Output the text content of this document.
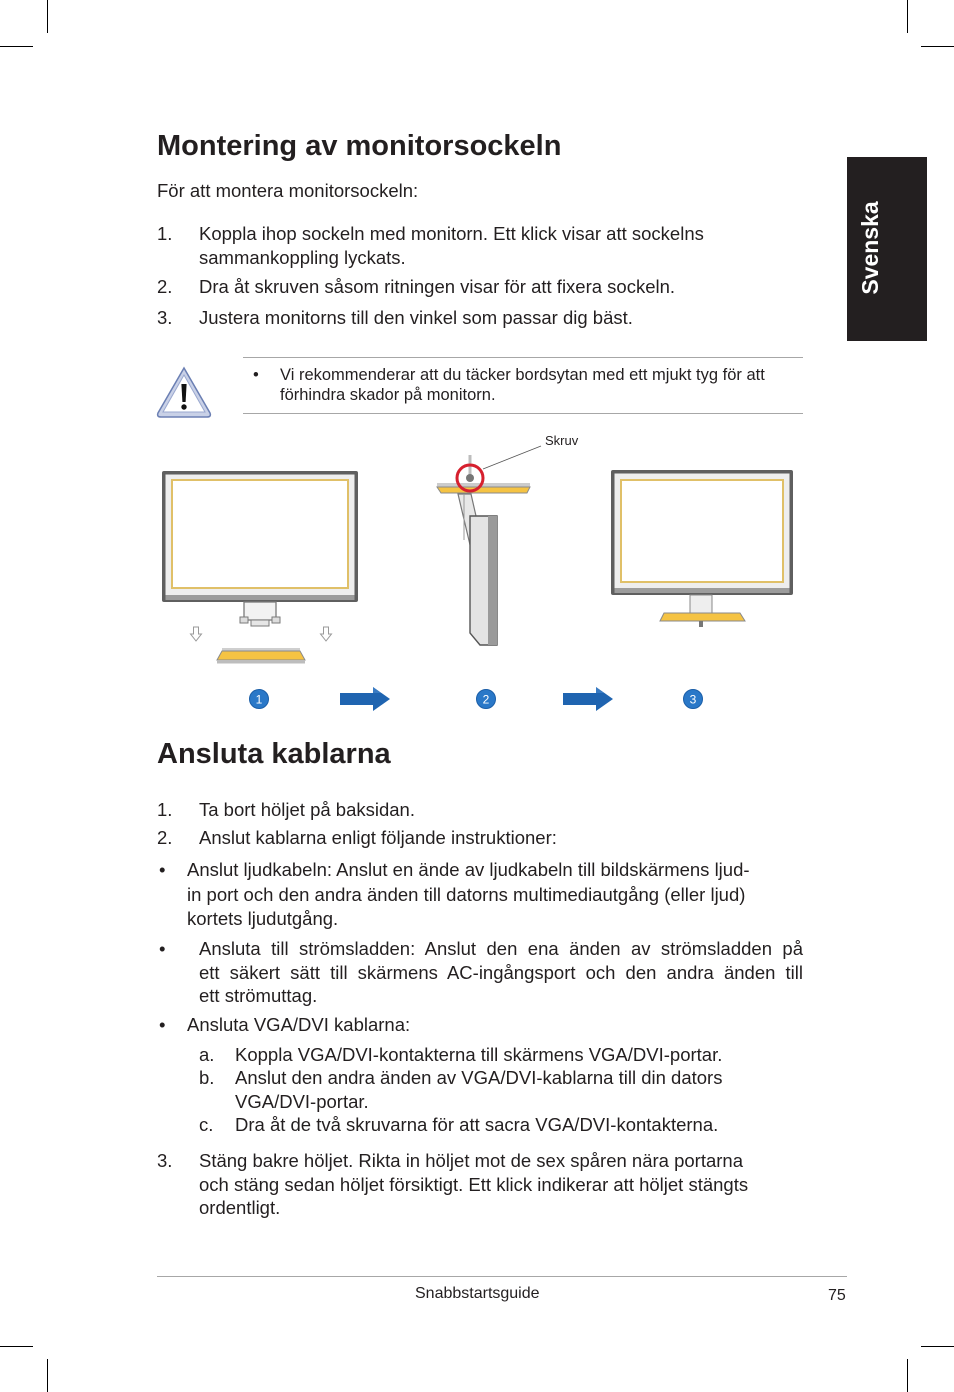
Svenska
Montering av monitorsockeln
För att montera monitorsockeln:
1. Koppla ihop sockeln med monitorn. Ett klick visar att sockelns
sammankoppling lyckats.
2. Dra åt skruven såsom ritningen visar för att fixera sockeln.
3. Justera monitorns till den vinkel som passar dig bäst.
• Vi rekommenderar att du täcker bordsytan med ett mjukt tyg för att
förhindra skador på monitorn.
Skruv
1	2	3
Ansluta kablarna
1. Ta bort höljet på baksidan.
2. Anslut kablarna enligt följande instruktioner:
• Anslut ljudkabeln: Anslut en ände av ljudkabeln till bildskärmens ljud-
in port och den andra änden till datorns multimediautgång (eller ljud)
kortets ljudutgång.
• Ansluta till strömsladden: Anslut den ena änden av strömsladden på
ett säkert sätt till skärmens AC-ingångsport och den andra änden till
ett strömuttag.
• Ansluta VGA/DVI kablarna:
a. Koppla VGA/DVI-kontakterna till skärmens VGA/DVI-portar.
b. Anslut den andra änden av VGA/DVI-kablarna till din dators
VGA/DVI-portar.
c. Dra åt de två skruvarna för att sacra VGA/DVI-kontakterna.
3. Stäng bakre höljet. Rikta in höljet mot de sex spåren nära portarna
och stäng sedan höljet försiktigt. Ett klick indikerar att höljet stängts
ordentligt.
Snabbstartsguide	75
